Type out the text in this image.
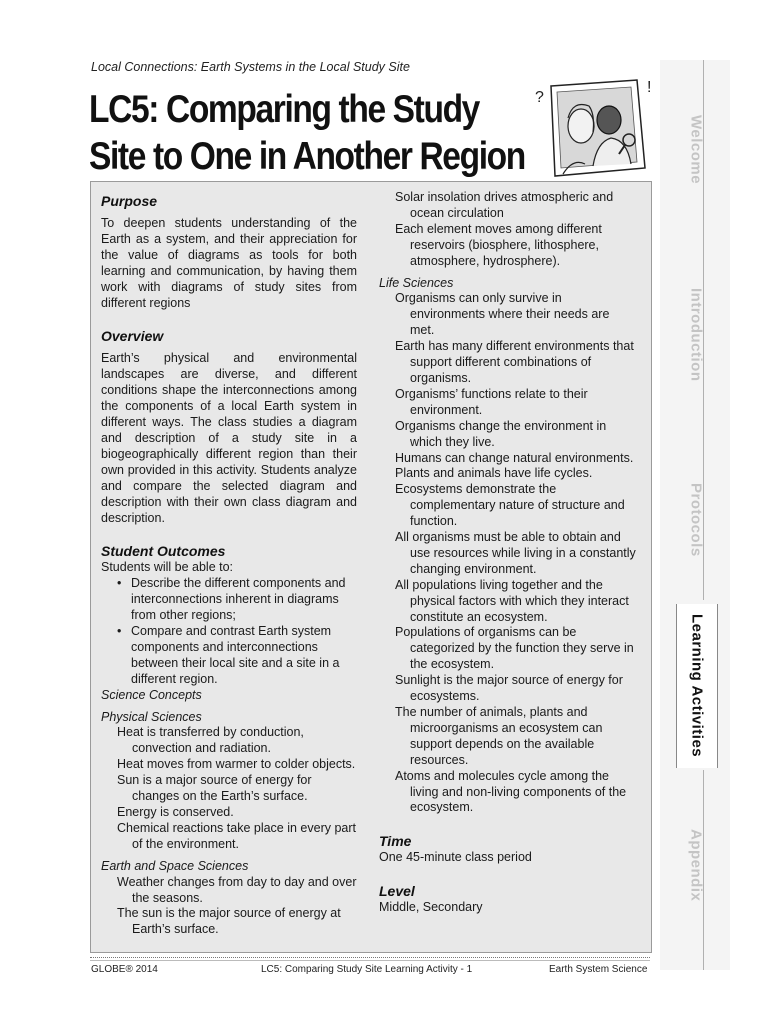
Local Connections: Earth Systems in the Local Study Site
LC5: Comparing the Study
Site to One in Another Region
?
!
Purpose

To deepen students understanding of the Earth as a system, and their appreciation for the value of diagrams as tools for both learning and communication, by having them work with diagrams of study sites from different regions

Overview

Earth’s physical and environmental landscapes are diverse, and different conditions shape the interconnections among the components of a local Earth system in different ways. The class studies a diagram and description of a study site in a biogeographically different region than their own provided in this activity. Students analyze and compare the selected diagram and description with their own class diagram and description.

Student Outcomes

Students will be able to:

• Describe the different components and interconnections inherent in diagrams from other regions;
• Compare and contrast Earth system components and interconnections between their local site and a site in a different region.

Science Concepts

Physical Sciences

Heat is transferred by conduction, convection and radiation.

Heat moves from warmer to colder objects.

Sun is a major source of energy for changes on the Earth’s surface.

Energy is conserved.

Chemical reactions take place in every part of the environment.

Earth and Space Sciences

Weather changes from day to day and over the seasons.

The sun is the major source of energy at Earth’s surface.

Solar insolation drives atmospheric and ocean circulation

Each element moves among different reservoirs (biosphere, lithosphere, atmosphere, hydrosphere).

Life Sciences

Organisms can only survive in environments where their needs are met.

Earth has many different environments that support different combinations of organisms.

Organisms’ functions relate to their environment.

Organisms change the environment in which they live.

Humans can change natural environments.

Plants and animals have life cycles.

Ecosystems demonstrate the complementary nature of structure and function.

All organisms must be able to obtain and use resources while living in a constantly changing environment.

All populations living together and the physical factors with which they interact constitute an ecosystem.

Populations of organisms can be categorized by the function they serve in the ecosystem.

Sunlight is the major source of energy for ecosystems.

The number of animals, plants and microorganisms an ecosystem can support depends on the available resources.

Atoms and molecules cycle among the living and non-living components of the ecosystem.

Time

One 45-minute class period

Level

Middle, Secondary

GLOBE® 2014	LC5: Comparing Study Site Learning Activity - 1	Earth System Science
Welcome
Introduction
Protocols
Learning Activities
Appendix
